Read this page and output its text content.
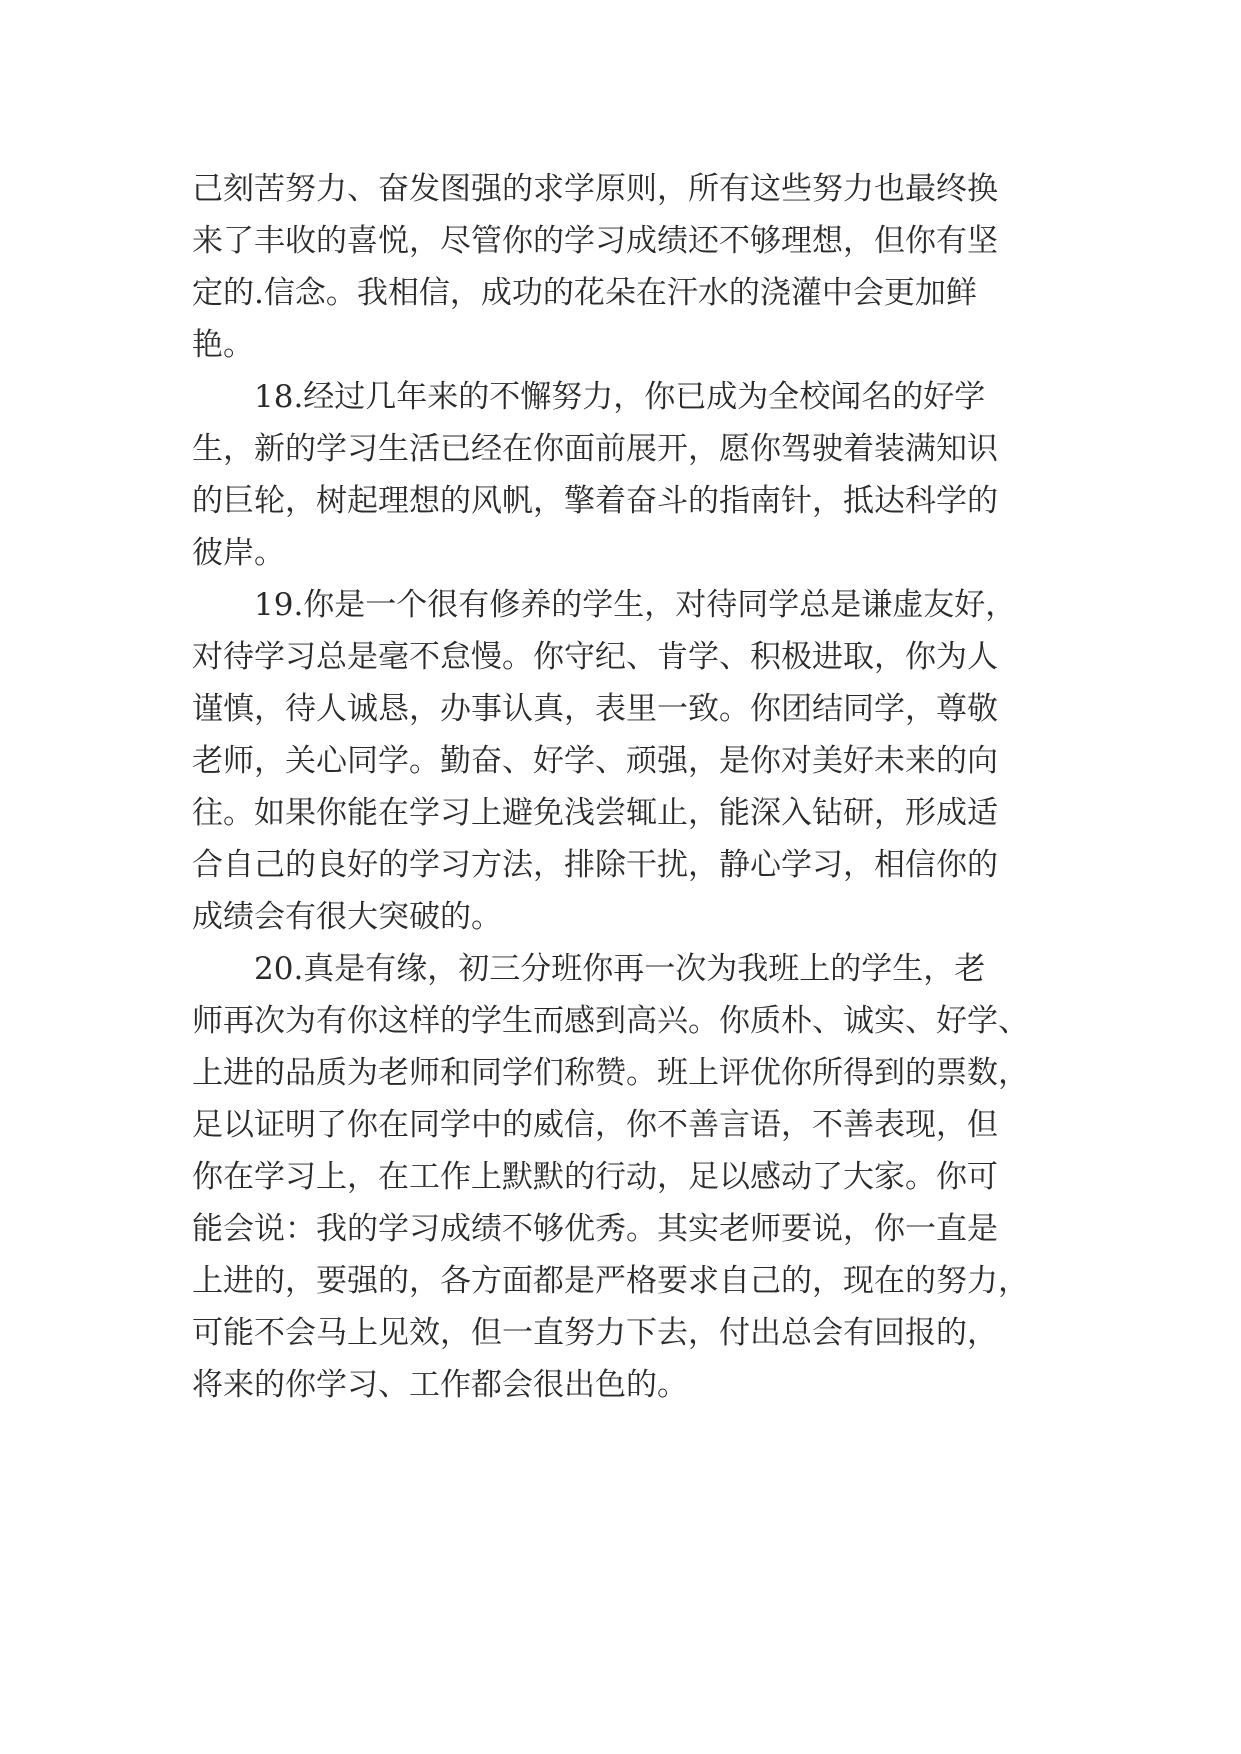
己刻苦努力、奋发图强的求学原则，所有这些努力也最终换
来了丰收的喜悦，尽管你的学习成绩还不够理想，但你有坚
定的.信念。我相信，成功的花朵在汗水的浇灌中会更加鲜
艳。
18.经过几年来的不懈努力，你已成为全校闻名的好学
生，新的学习生活已经在你面前展开，愿你驾驶着装满知识
的巨轮，树起理想的风帆，擎着奋斗的指南针，抵达科学的
彼岸。
19.你是一个很有修养的学生，对待同学总是谦虚友好，
对待学习总是毫不怠慢。你守纪、肯学、积极进取，你为人
谨慎，待人诚恳，办事认真，表里一致。你团结同学，尊敬
老师，关心同学。勤奋、好学、顽强，是你对美好未来的向
往。如果你能在学习上避免浅尝辄止，能深入钻研，形成适
合自己的良好的学习方法，排除干扰，静心学习，相信你的
成绩会有很大突破的。
20.真是有缘，初三分班你再一次为我班上的学生，老
师再次为有你这样的学生而感到高兴。你质朴、诚实、好学、
上进的品质为老师和同学们称赞。班上评优你所得到的票数，
足以证明了你在同学中的威信，你不善言语，不善表现，但
你在学习上，在工作上默默的行动，足以感动了大家。你可
能会说：我的学习成绩不够优秀。其实老师要说，你一直是
上进的，要强的，各方面都是严格要求自己的，现在的努力，
可能不会马上见效，但一直努力下去，付出总会有回报的，
将来的你学习、工作都会很出色的。
